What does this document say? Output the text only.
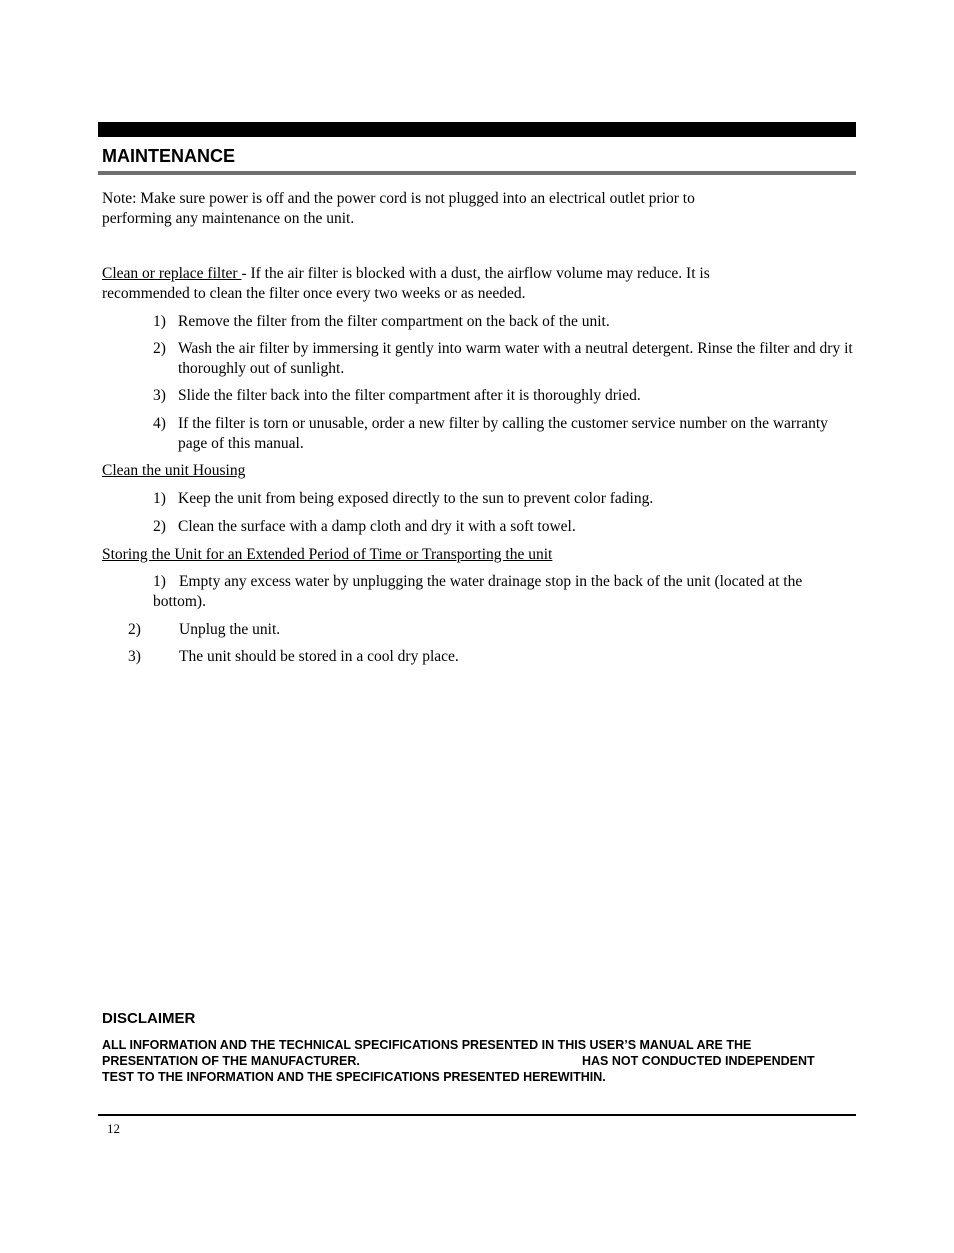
MAINTENANCE
Note: Make sure power is off and the power cord is not plugged into an electrical outlet prior to
performing any maintenance on the unit.
Clean or replace filter - If the air filter is blocked with a dust, the airflow volume may reduce. It is
recommended to clean the filter once every two weeks or as needed.
1) Remove the filter from the filter compartment on the back of the unit.
2) Wash the air filter by immersing it gently into warm water with a neutral detergent. Rinse the filter and dry it thoroughly out of sunlight.
3) Slide the filter back into the filter compartment after it is thoroughly dried.
4) If the filter is torn or unusable, order a new filter by calling the customer service number on the warranty page of this manual.
Clean the unit Housing
1) Keep the unit from being exposed directly to the sun to prevent color fading.
2) Clean the surface with a damp cloth and dry it with a soft towel.
Storing the Unit for an Extended Period of Time or Transporting the unit
1) Empty any excess water by unplugging the water drainage stop in the back of the unit (located at the bottom).
2) Unplug the unit.
3) The unit should be stored in a cool dry place.
DISCLAIMER
ALL INFORMATION AND THE TECHNICAL SPECIFICATIONS PRESENTED IN THIS USER’S MANUAL ARE THE
PRESENTATION OF THE MANUFACTURER.	HAS NOT CONDUCTED INDEPENDENT
TEST TO THE INFORMATION AND THE SPECIFICATIONS PRESENTED HEREWITHIN.
12
